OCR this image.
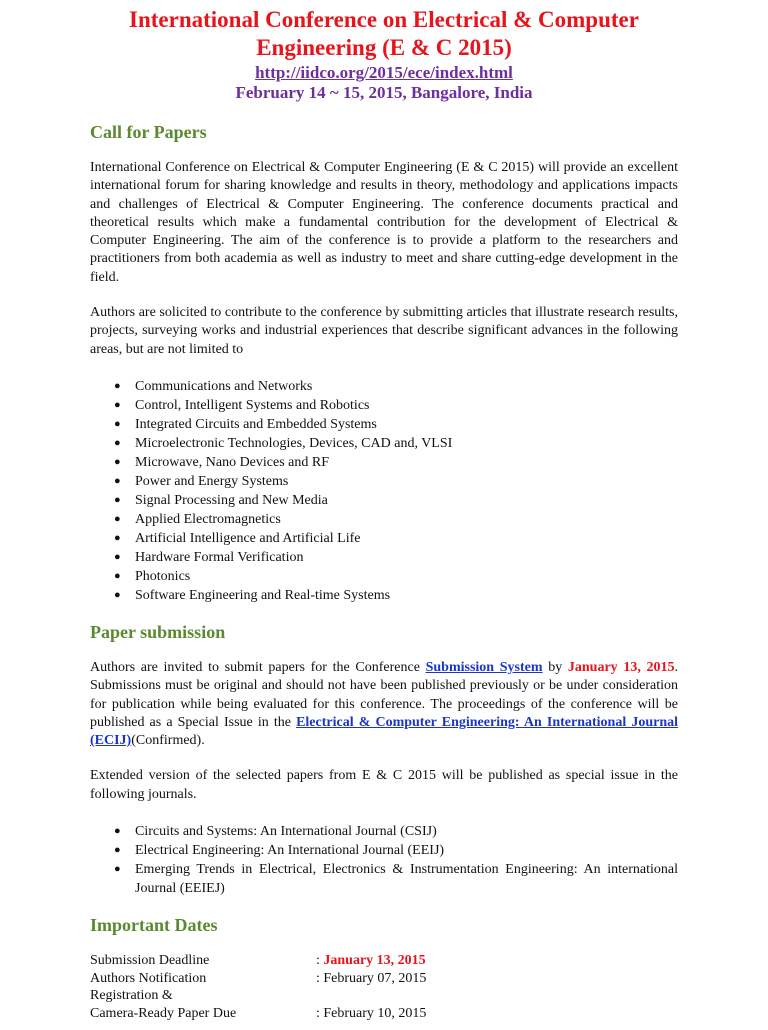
International Conference on Electrical & Computer
Engineering (E & C 2015)
http://iidco.org/2015/ece/index.html
February 14 ~ 15, 2015, Bangalore, India
Call for Papers

International Conference on Electrical & Computer Engineering (E & C 2015) will provide an excellent international forum for sharing knowledge and results in theory, methodology and applications impacts and challenges of Electrical & Computer Engineering. The conference documents practical and theoretical results which make a fundamental contribution for the development of Electrical & Computer Engineering. The aim of the conference is to provide a platform to the researchers and practitioners from both academia as well as industry to meet and share cutting-edge development in the field.

Authors are solicited to contribute to the conference by submitting articles that illustrate research results, projects, surveying works and industrial experiences that describe significant advances in the following areas, but are not limited to

● Communications and Networks
● Control, Intelligent Systems and Robotics
● Integrated Circuits and Embedded Systems
● Microelectronic Technologies, Devices, CAD and, VLSI
● Microwave, Nano Devices and RF
● Power and Energy Systems
● Signal Processing and New Media
● Applied Electromagnetics
● Artificial Intelligence and Artificial Life
● Hardware Formal Verification
● Photonics
● Software Engineering and Real-time Systems
Paper submission

Authors are invited to submit papers for the Conference Submission System by January 13, 2015. Submissions must be original and should not have been published previously or be under consideration for publication while being evaluated for this conference. The proceedings of the conference will be published as a Special Issue in the Electrical & Computer Engineering: An International Journal (ECIJ)(Confirmed).

Extended version of the selected papers from E & C 2015 will be published as special issue in the following journals.

● Circuits and Systems: An International Journal (CSIJ)
● Electrical Engineering: An International Journal (EEIJ)
● Emerging Trends in Electrical, Electronics & Instrumentation Engineering: An international Journal (EEIEJ)
Important Dates
Submission Deadline	: January 13, 2015
Authors Notification	: February 07, 2015
Registration &
Camera-Ready Paper Due	: February 10, 2015
